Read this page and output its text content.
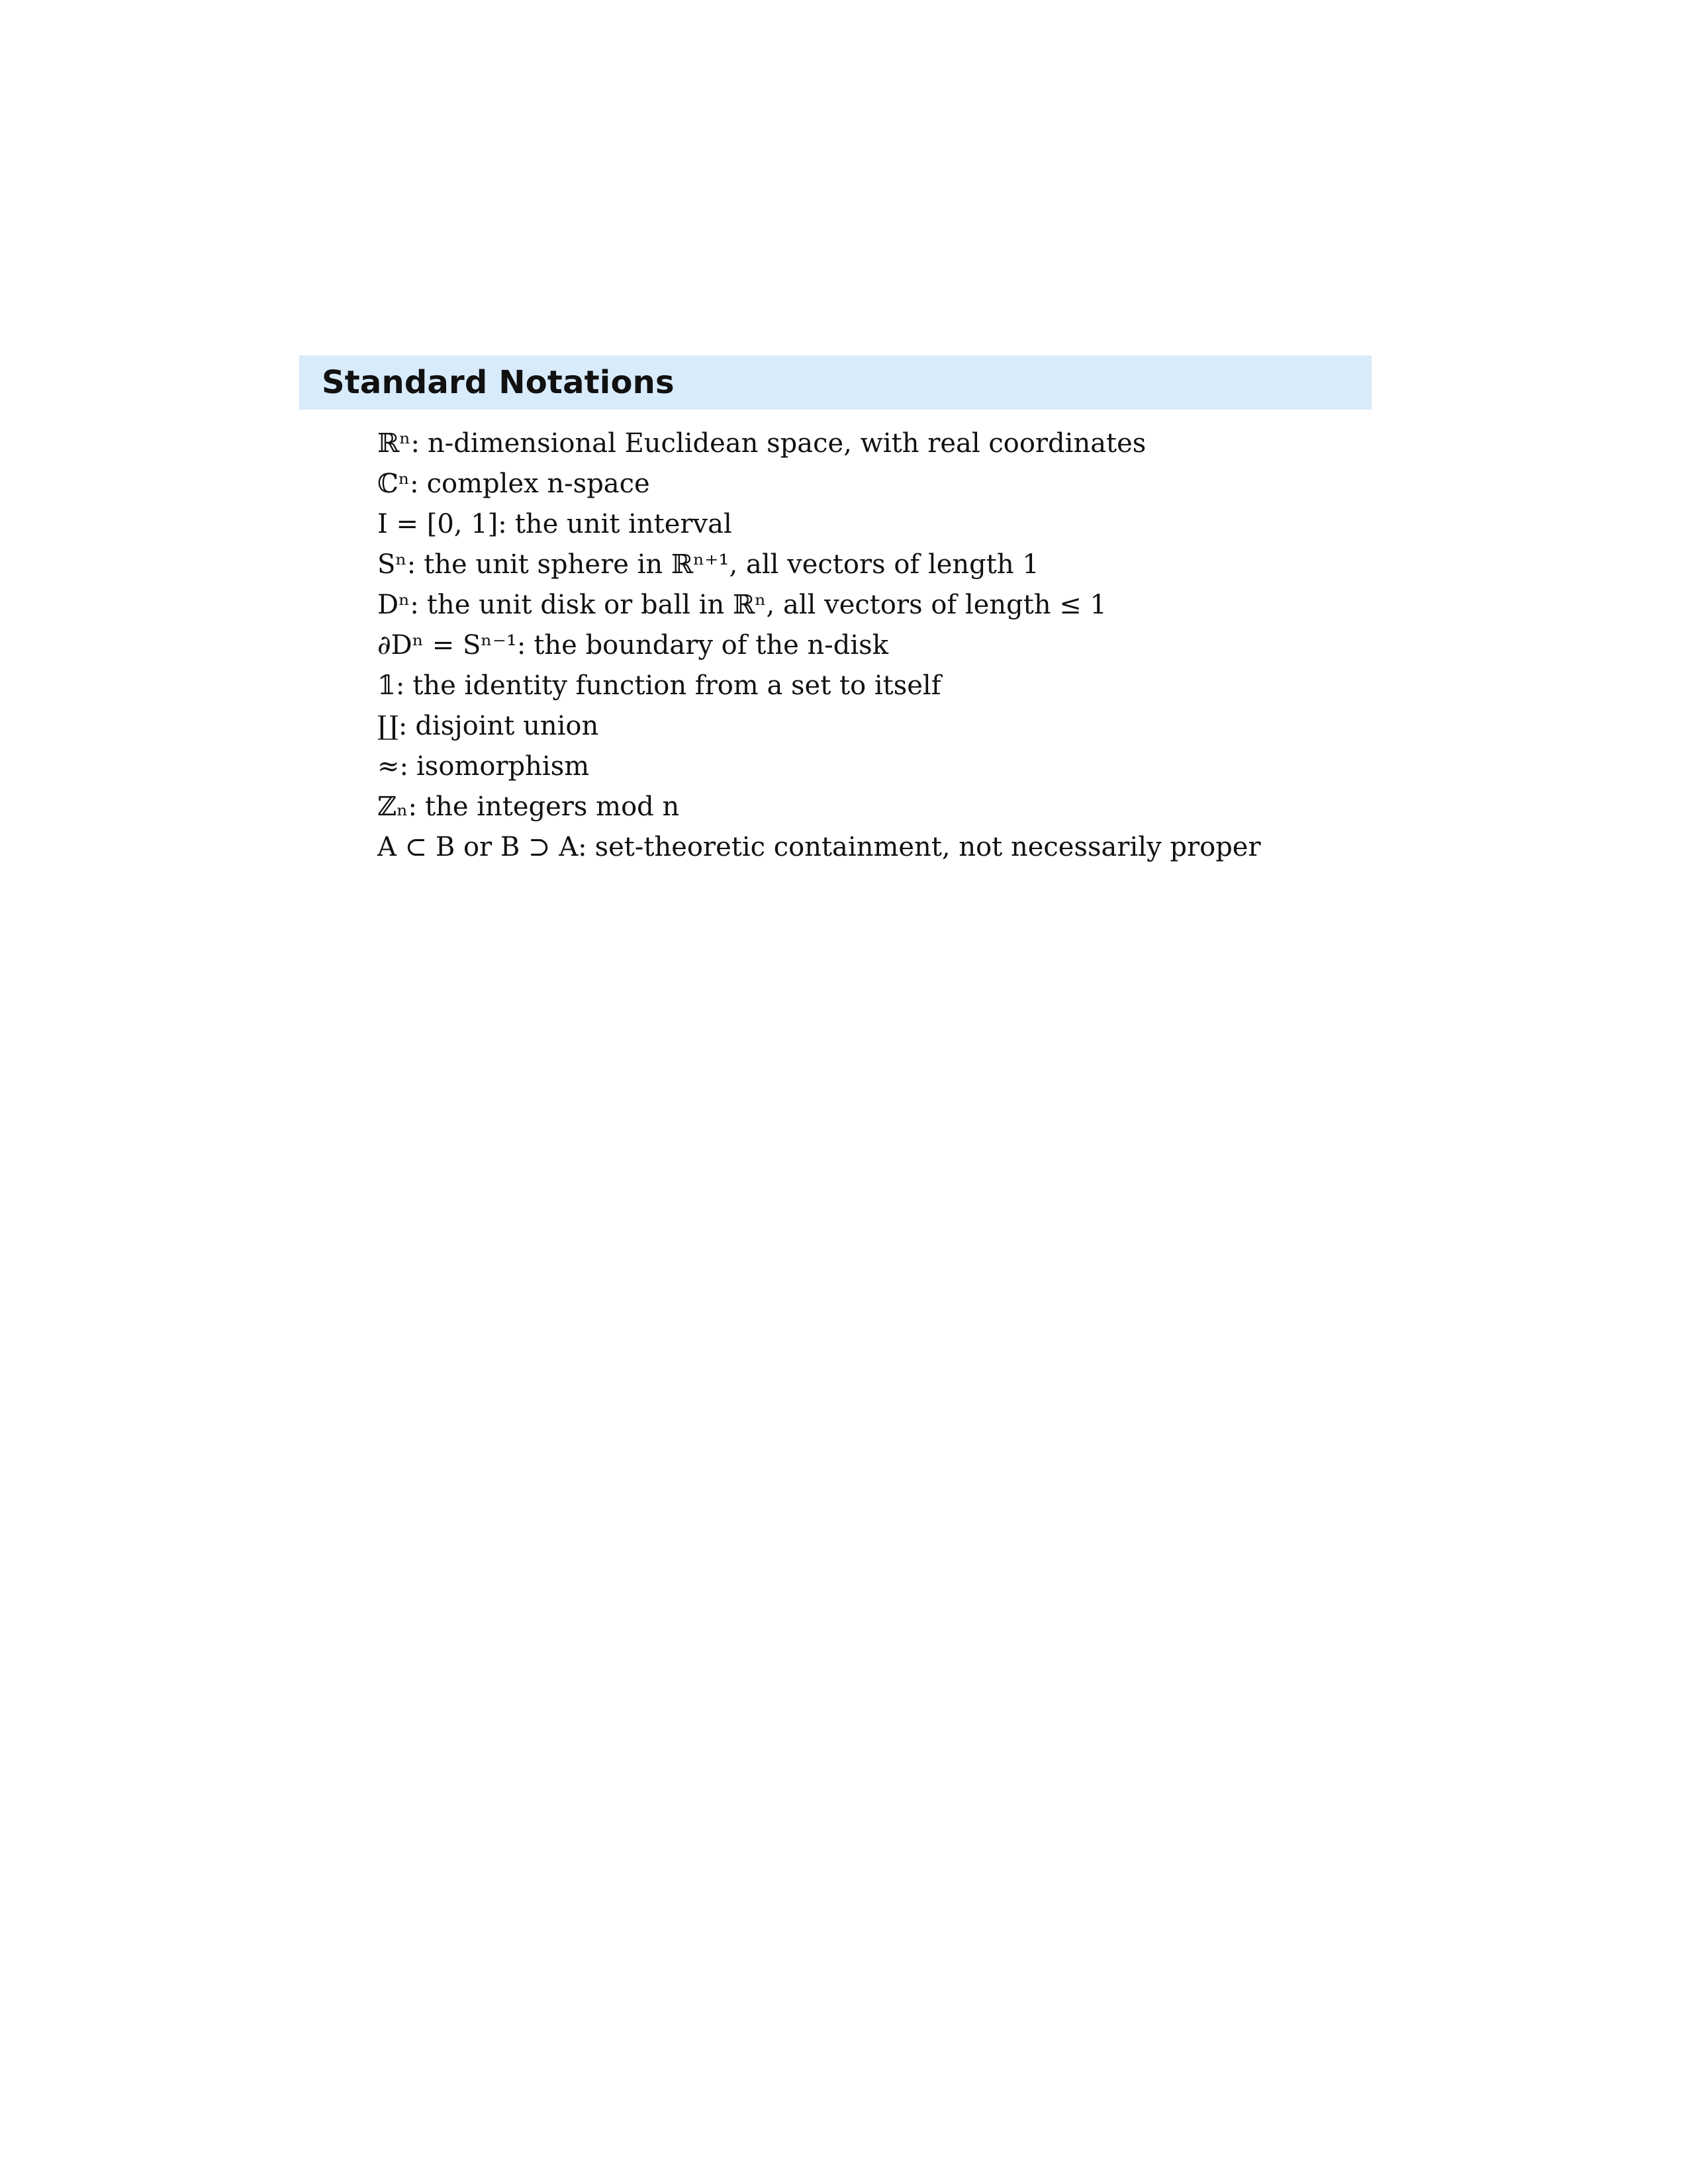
Standard Notations
ℝⁿ: n-dimensional Euclidean space, with real coordinates
ℂⁿ: complex n-space
I = [0, 1]: the unit interval
Sⁿ: the unit sphere in ℝⁿ⁺¹, all vectors of length 1
Dⁿ: the unit disk or ball in ℝⁿ, all vectors of length ≤ 1
∂Dⁿ = Sⁿ⁻¹: the boundary of the n-disk
𝟙: the identity function from a set to itself
∐: disjoint union
≈: isomorphism
ℤₙ: the integers mod n
A ⊂ B or B ⊃ A: set-theoretic containment, not necessarily proper
